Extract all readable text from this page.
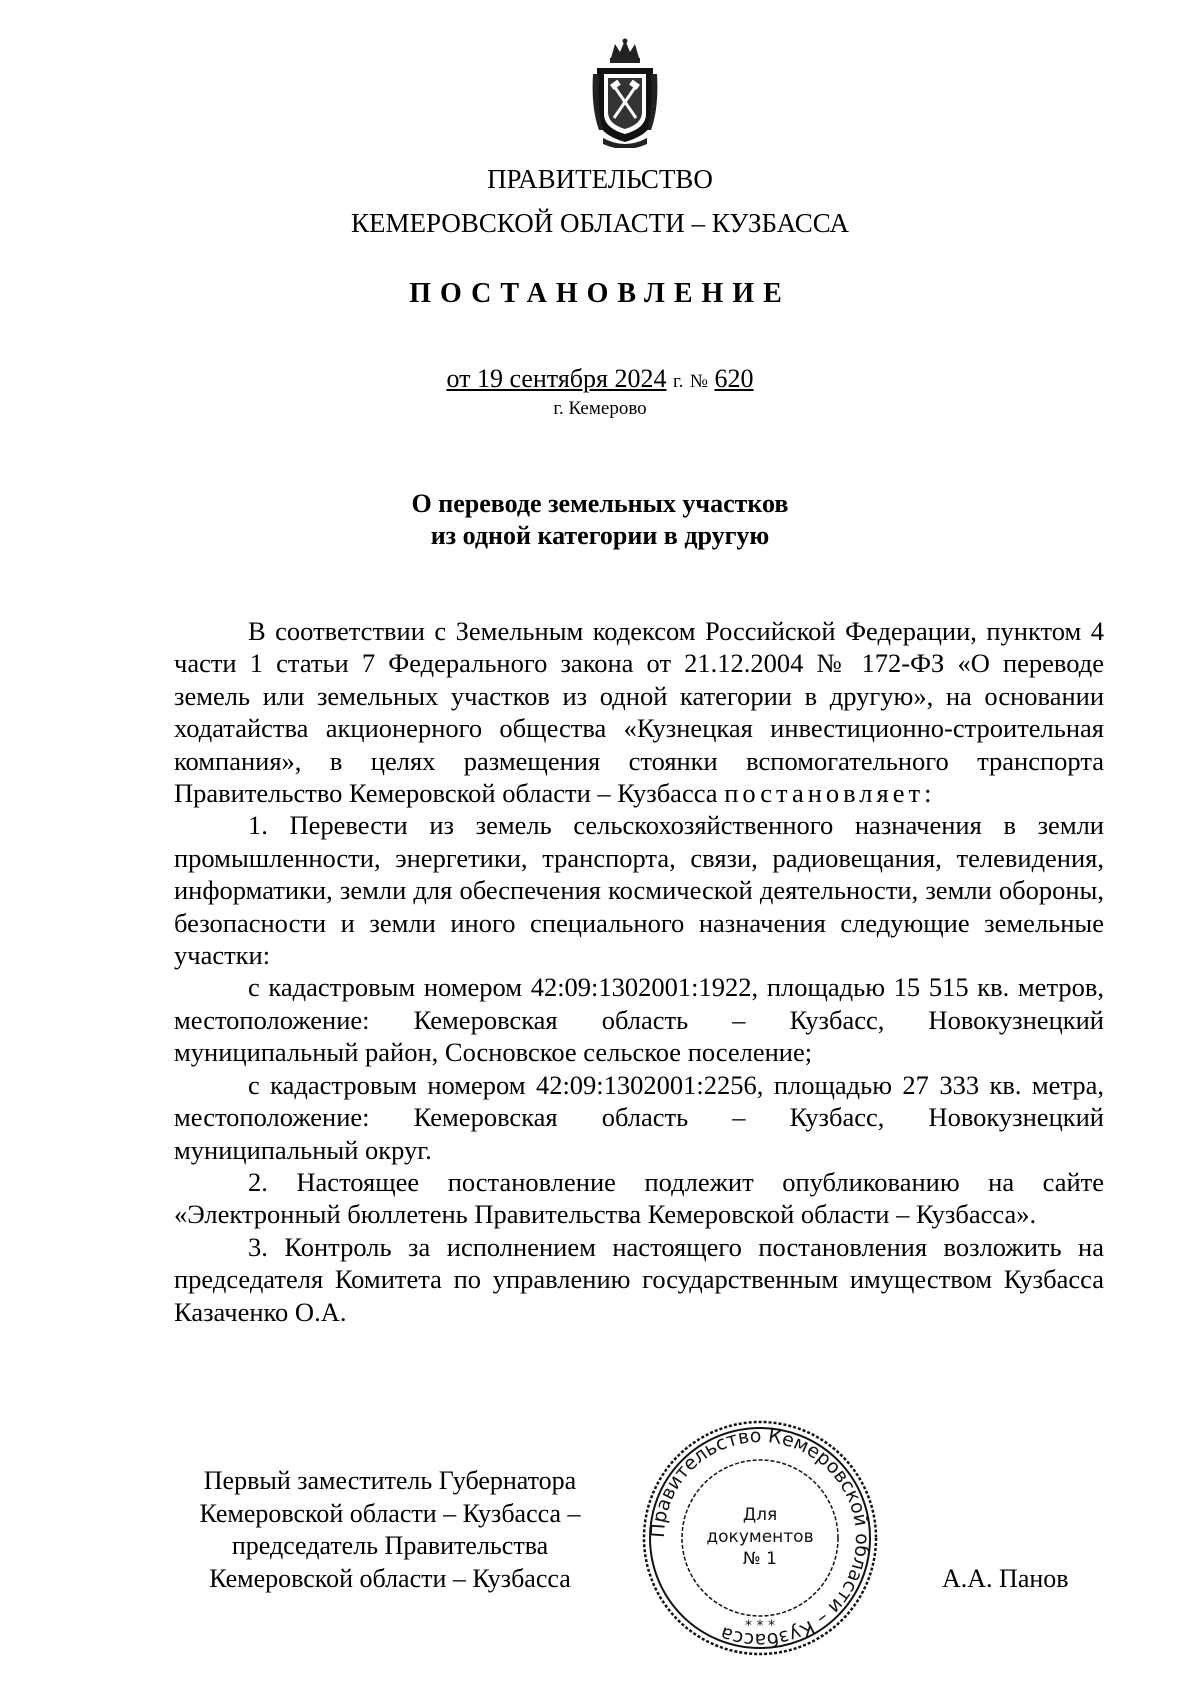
ПРАВИТЕЛЬСТВО
КЕМЕРОВСКОЙ ОБЛАСТИ – КУЗБАССА
ПОСТАНОВЛЕНИЕ
от 19 сентября 2024 г. № 620
г. Кемерово
О переводе земельных участков
из одной категории в другую

В соответствии с Земельным кодексом Российской Федерации, пунктом 4 части 1 статьи 7 Федерального закона от 21.12.2004 № 172-ФЗ «О переводе земель или земельных участков из одной категории в другую», на основании ходатайства акционерного общества «Кузнецкая инвестиционно-строительная компания», в целях размещения стоянки вспомогательного транспорта Правительство Кемеровской области – Кузбасса постановляет:

1. Перевести из земель сельскохозяйственного назначения в земли промышленности, энергетики, транспорта, связи, радиовещания, телевидения, информатики, земли для обеспечения космической деятельности, земли обороны, безопасности и земли иного специального назначения следующие земельные участки:

с кадастровым номером 42:09:1302001:1922, площадью 15 515 кв. метров, местоположение: Кемеровская область – Кузбасс, Новокузнецкий муниципальный район, Сосновское сельское поселение;

с кадастровым номером 42:09:1302001:2256, площадью 27 333 кв. метра, местоположение: Кемеровская область – Кузбасс, Новокузнецкий муниципальный округ.

2. Настоящее постановление подлежит опубликованию на сайте «Электронный бюллетень Правительства Кемеровской области – Кузбасса».

3. Контроль за исполнением настоящего постановления возложить на председателя Комитета по управлению государственным имуществом Кузбасса Казаченко О.А.

Первый заместитель Губернатора
Кемеровской области – Кузбасса –
председатель Правительства
Кемеровской области – Кузбасса
Правительство Кемеровской области – Кузбасса
Для
документов
№ 1
* * *
А.А. Панов
